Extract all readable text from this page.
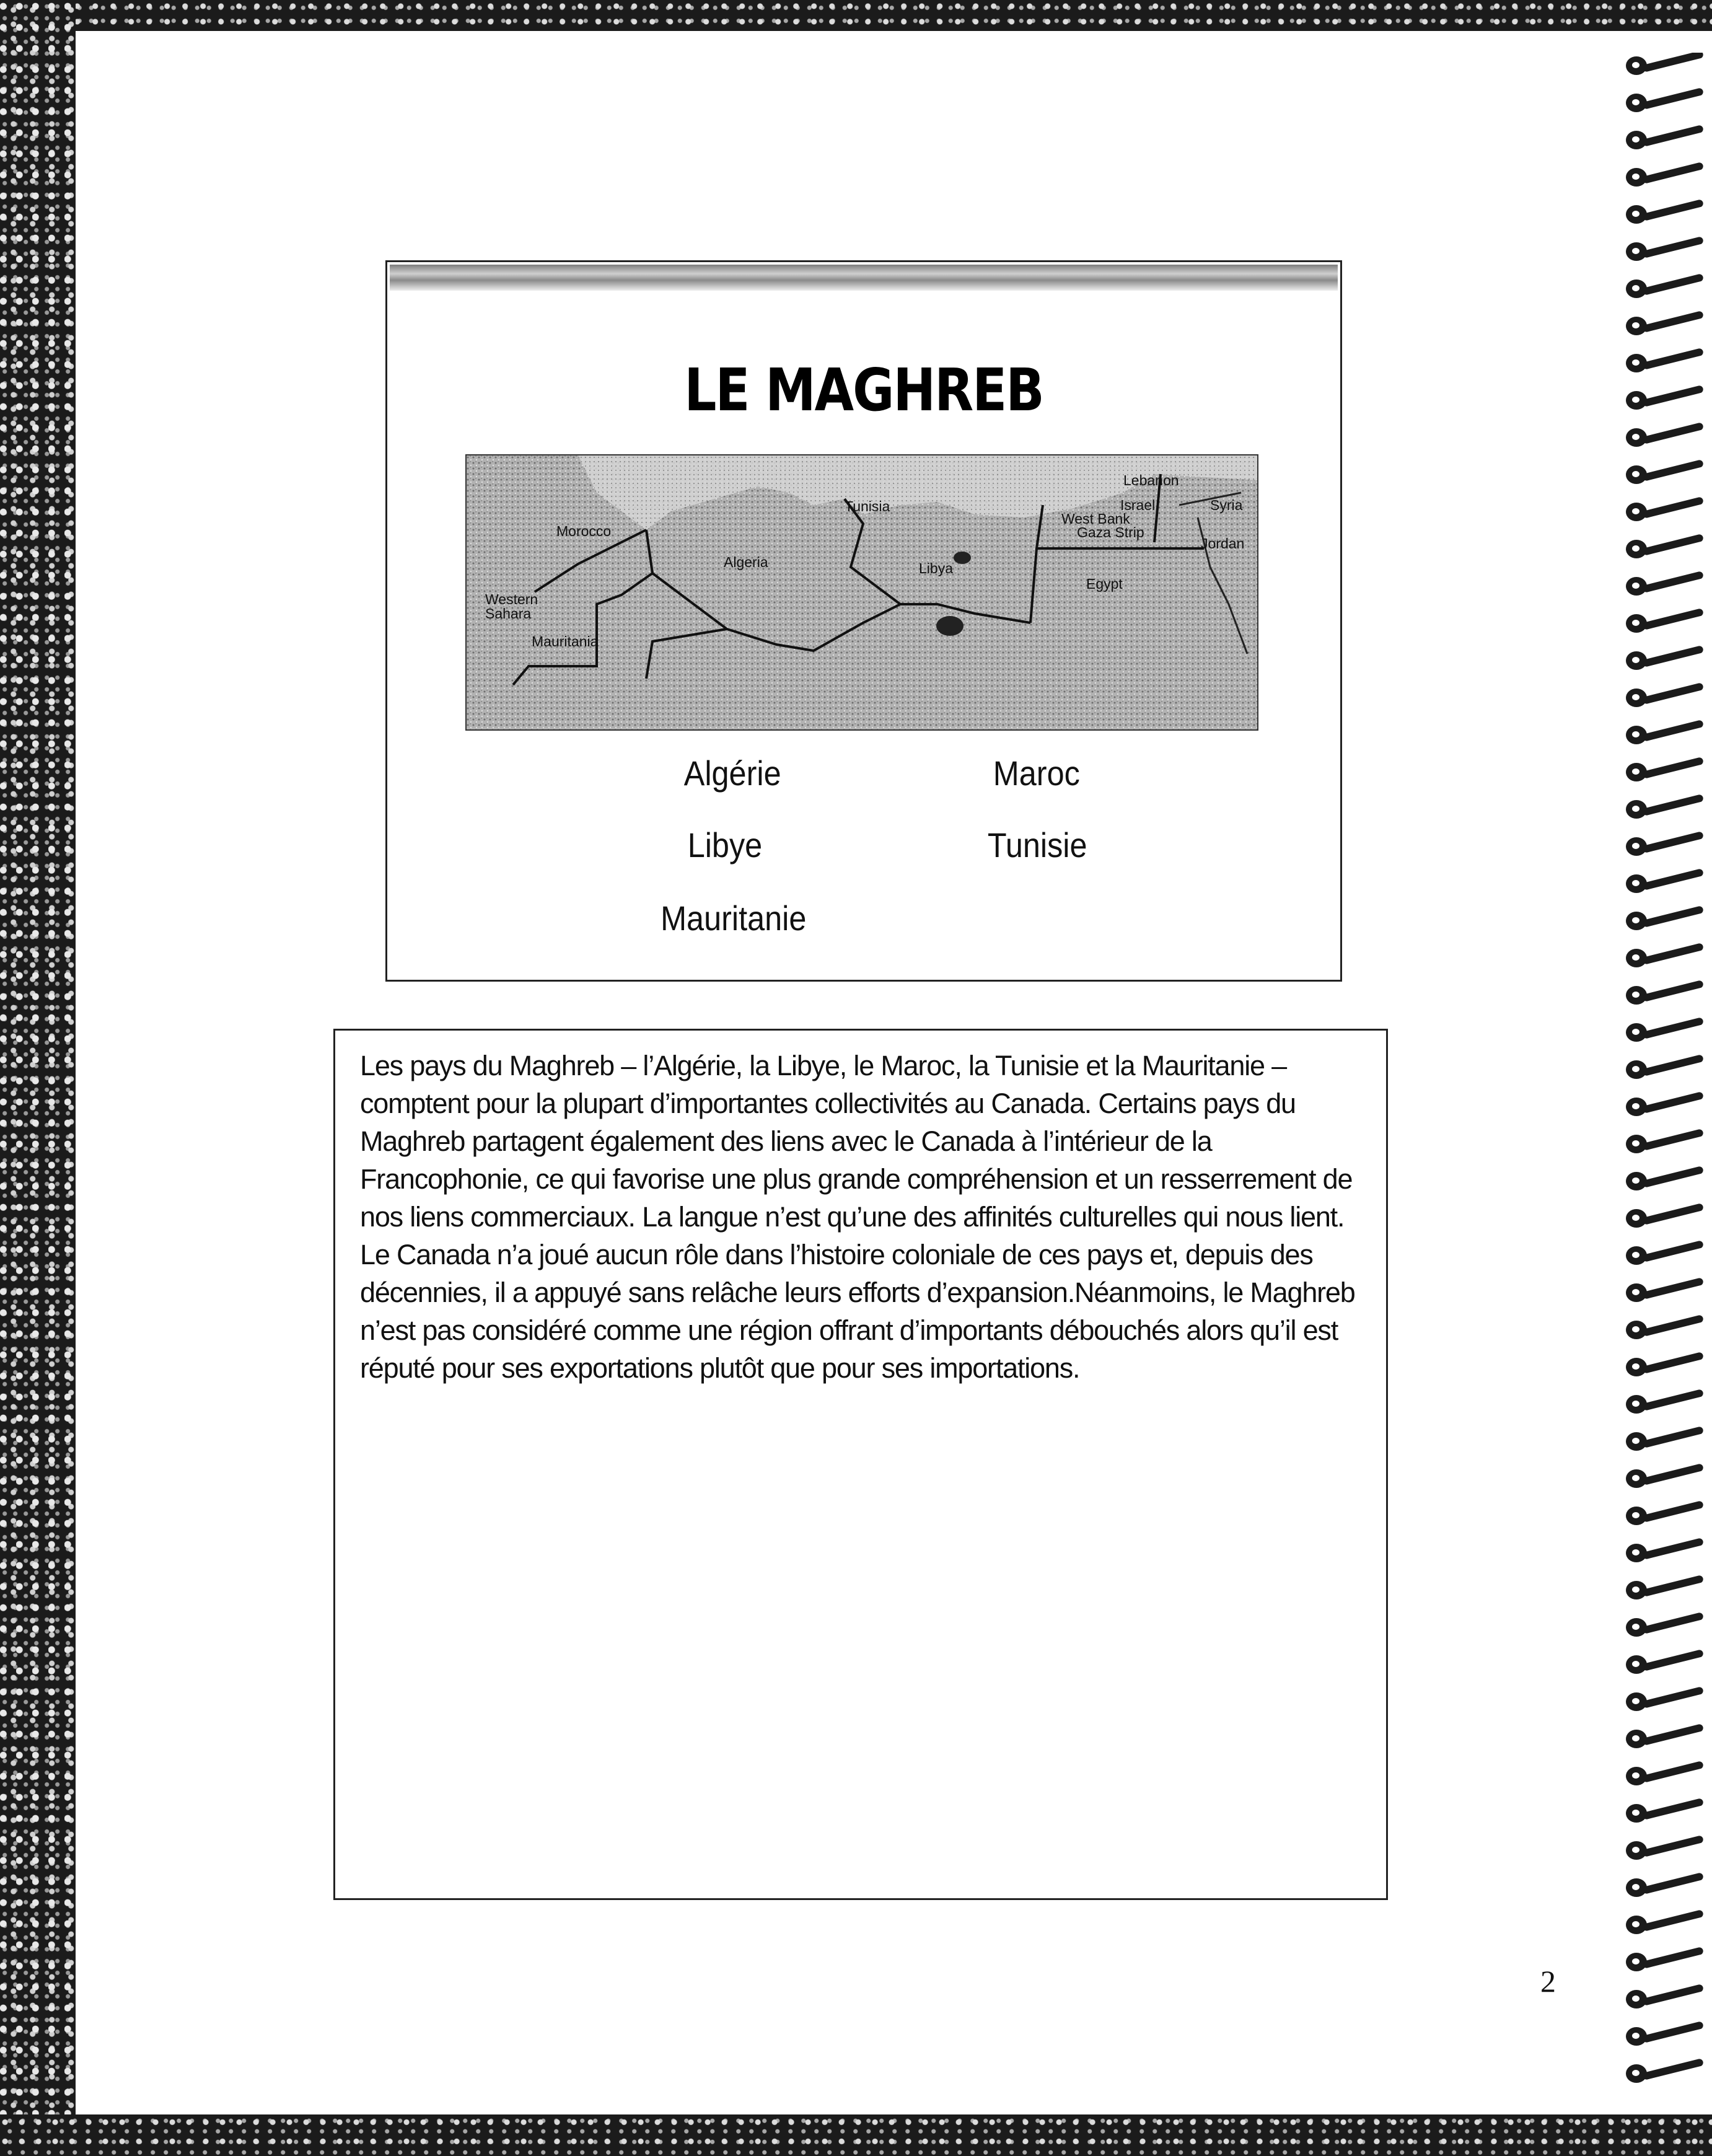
LE MAGHREB
Morocco
Algeria
Tunisia
Libya
Egypt
Western
Sahara
Mauritania
Lebanon
Israel	Syria
West Bank
Gaza Strip
Jordan

Algérie	Maroc

Libye	Tunisie

Mauritanie

Les pays du Maghreb – l’Algérie, la Libye, le Maroc, la Tunisie et la Mauritanie –
comptent pour la plupart d’importantes collectivités au Canada. Certains pays du
Maghreb partagent également des liens avec le Canada à l’intérieur de la
Francophonie, ce qui favorise une plus grande compréhension et un resserrement de
nos liens commerciaux. La langue n’est qu’une des affinités culturelles qui nous lient.
Le Canada n’a joué aucun rôle dans l’histoire coloniale de ces pays et, depuis des
décennies, il a appuyé sans relâche leurs efforts d’expansion.Néanmoins, le Maghreb
n’est pas considéré comme une région offrant d’importants débouchés alors qu’il est
réputé pour ses exportations plutôt que pour ses importations.

2
